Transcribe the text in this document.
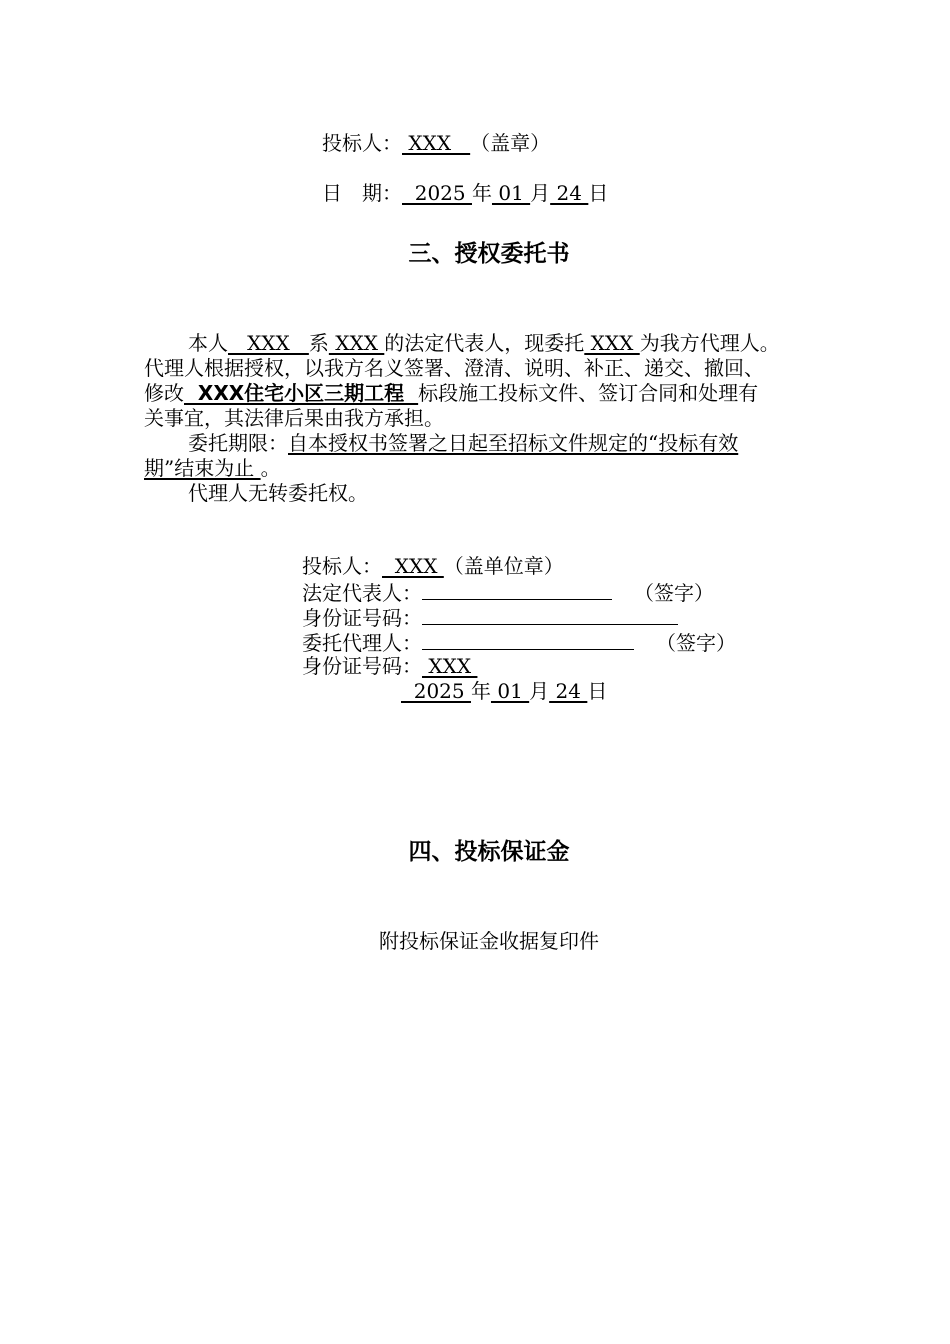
投标人： XXX   （盖章）
日　期：  2025 年 01 月 24 日
三、授权委托书
本人   XXX   系 XXX 的法定代表人，现委托 XXX 为我方代理人。
代理人根据授权，以我方名义签署、澄清、说明、补正、递交、撤回、
修改  XXX住宅小区三期工程  标段施工投标文件、签订合同和处理有
关事宜，其法律后果由我方承担。
委托期限：自本授权书签署之日起至招标文件规定的“投标有效
期”结束为止 。
代理人无转委托权。
投标人：  XXX （盖单位章）
法定代表人：	（签字）
身份证号码：
委托代理人：	（签字）
身份证号码： XXX
2025 年 01 月 24 日
四、投标保证金
附投标保证金收据复印件
